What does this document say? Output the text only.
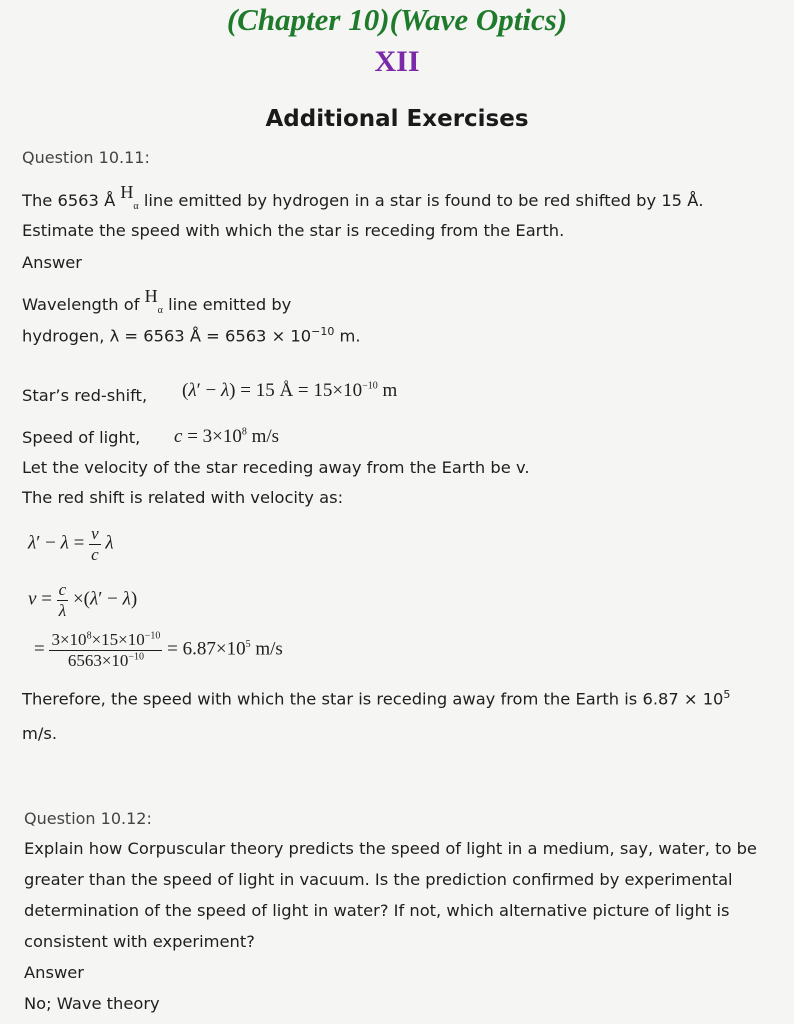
(Chapter 10)(Wave Optics)
XII
Additional Exercises
Question 10.11:
The 6563 Å $H_\alpha$ line emitted by hydrogen in a star is found to be red shifted by 15 Å.
Estimate the speed with which the star is receding from the Earth.
Answer
Wavelength of $H_\alpha$ line emitted by
hydrogen, λ = 6563 Å = $6563 \times 10^{-10}$ m.
Star’s red-shift, (λ′ − λ) = 15 Å = $15\times 10^{-10}$ m
Speed of light, $c = 3\times 10^8$ m/s
Let the velocity of the star receding away from the Earth be v.
The red shift is related with velocity as:
$\lambda' - \lambda = \frac{v}{c}$ λ
$v = \frac{c}{\lambda} \times(\lambda' - \lambda)$
= $\frac{3\times 10^8\times 15\times 10^{-10}}{6563\times 10^{-10}} = 6.87\times 10^5$ m/s
Therefore, the speed with which the star is receding away from the Earth is $6.87 \times 10^5$
m/s.
Question 10.12:
Explain how Corpuscular theory predicts the speed of light in a medium, say, water, to be greater than the speed of light in vacuum. Is the prediction confirmed by experimental determination of the speed of light in water? If not, which alternative picture of light is consistent with experiment?
Answer
No; Wave theory
